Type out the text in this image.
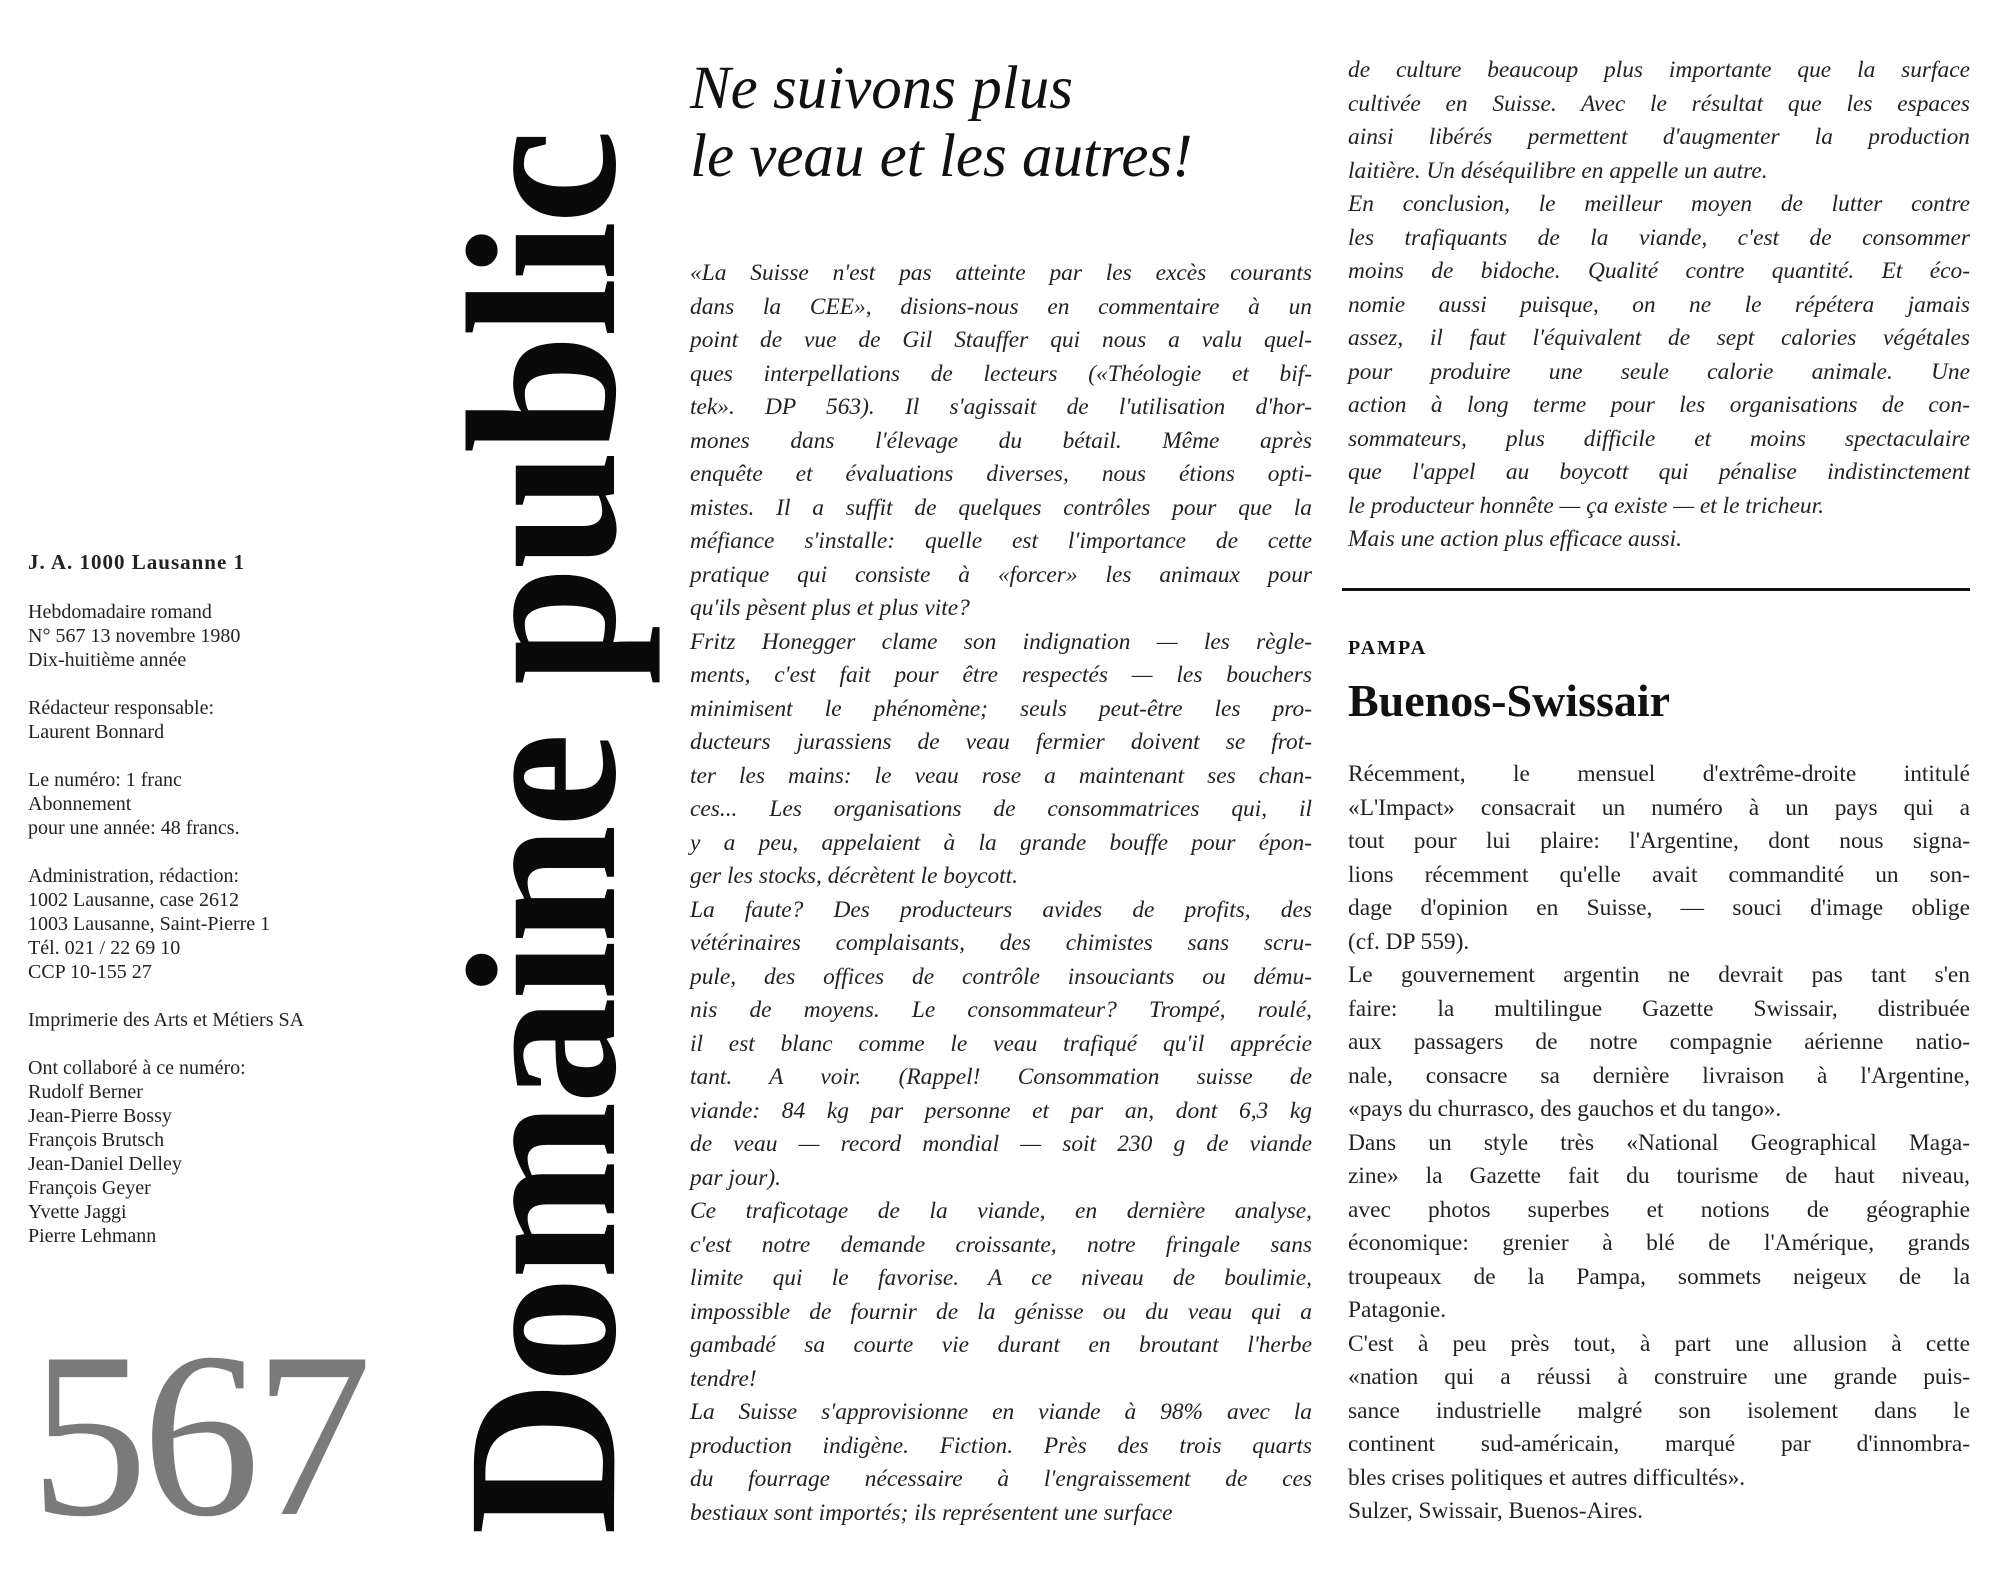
J. A. 1000 Lausanne 1

Hebdomadaire romand
N° 567 13 novembre 1980
Dix-huitième année

Rédacteur responsable:
Laurent Bonnard

Le numéro: 1 franc
Abonnement
pour une année: 48 francs.

Administration, rédaction:
1002 Lausanne, case 2612
1003 Lausanne, Saint-Pierre 1
Tél. 021 / 22 69 10
CCP 10-155 27

Imprimerie des Arts et Métiers SA

Ont collaboré à ce numéro:
Rudolf Berner
Jean-Pierre Bossy
François Brutsch
Jean-Daniel Delley
François Geyer
Yvette Jaggi
Pierre Lehmann

567 Domaine public
Ne suivons plus
le veau et les autres!
«La Suisse n'est pas atteinte par les excès courants
dans la CEE», disions-nous en commentaire à un
point de vue de Gil Stauffer qui nous a valu quel-
ques interpellations de lecteurs («Théologie et bif-
tek». DP 563). Il s'agissait de l'utilisation d'hor-
mones dans l'élevage du bétail. Même après
enquête et évaluations diverses, nous étions opti-
mistes. Il a suffit de quelques contrôles pour que la
méfiance s'installe: quelle est l'importance de cette
pratique qui consiste à «forcer» les animaux pour
qu'ils pèsent plus et plus vite?
Fritz Honegger clame son indignation — les règle-
ments, c'est fait pour être respectés — les bouchers
minimisent le phénomène; seuls peut-être les pro-
ducteurs jurassiens de veau fermier doivent se frot-
ter les mains: le veau rose a maintenant ses chan-
ces... Les organisations de consommatrices qui, il
y a peu, appelaient à la grande bouffe pour épon-
ger les stocks, décrètent le boycott.
La faute? Des producteurs avides de profits, des
vétérinaires complaisants, des chimistes sans scru-
pule, des offices de contrôle insouciants ou dému-
nis de moyens. Le consommateur? Trompé, roulé,
il est blanc comme le veau trafiqué qu'il apprécie
tant. A voir. (Rappel! Consommation suisse de
viande: 84 kg par personne et par an, dont 6,3 kg
de veau — record mondial — soit 230 g de viande
par jour).
Ce traficotage de la viande, en dernière analyse,
c'est notre demande croissante, notre fringale sans
limite qui le favorise. A ce niveau de boulimie,
impossible de fournir de la génisse ou du veau qui a
gambadé sa courte vie durant en broutant l'herbe
tendre!
La Suisse s'approvisionne en viande à 98% avec la
production indigène. Fiction. Près des trois quarts
du fourrage nécessaire à l'engraissement de ces
bestiaux sont importés; ils représentent une surface
de culture beaucoup plus importante que la surface
cultivée en Suisse. Avec le résultat que les espaces
ainsi libérés permettent d'augmenter la production
laitière. Un déséquilibre en appelle un autre.
En conclusion, le meilleur moyen de lutter contre
les trafiquants de la viande, c'est de consommer
moins de bidoche. Qualité contre quantité. Et éco-
nomie aussi puisque, on ne le répétera jamais
assez, il faut l'équivalent de sept calories végétales
pour produire une seule calorie animale. Une
action à long terme pour les organisations de con-
sommateurs, plus difficile et moins spectaculaire
que l'appel au boycott qui pénalise indistinctement
le producteur honnête — ça existe — et le tricheur.
Mais une action plus efficace aussi.
PAMPA
Buenos-Swissair
Récemment, le mensuel d'extrême-droite intitulé
«L'Impact» consacrait un numéro à un pays qui a
tout pour lui plaire: l'Argentine, dont nous signa-
lions récemment qu'elle avait commandité un son-
dage d'opinion en Suisse, — souci d'image oblige
(cf. DP 559).
Le gouvernement argentin ne devrait pas tant s'en
faire: la multilingue Gazette Swissair, distribuée
aux passagers de notre compagnie aérienne natio-
nale, consacre sa dernière livraison à l'Argentine,
«pays du churrasco, des gauchos et du tango».
Dans un style très «National Geographical Maga-
zine» la Gazette fait du tourisme de haut niveau,
avec photos superbes et notions de géographie
économique: grenier à blé de l'Amérique, grands
troupeaux de la Pampa, sommets neigeux de la
Patagonie.
C'est à peu près tout, à part une allusion à cette
«nation qui a réussi à construire une grande puis-
sance industrielle malgré son isolement dans le
continent sud-américain, marqué par d'innombra-
bles crises politiques et autres difficultés».
Sulzer, Swissair, Buenos-Aires.
